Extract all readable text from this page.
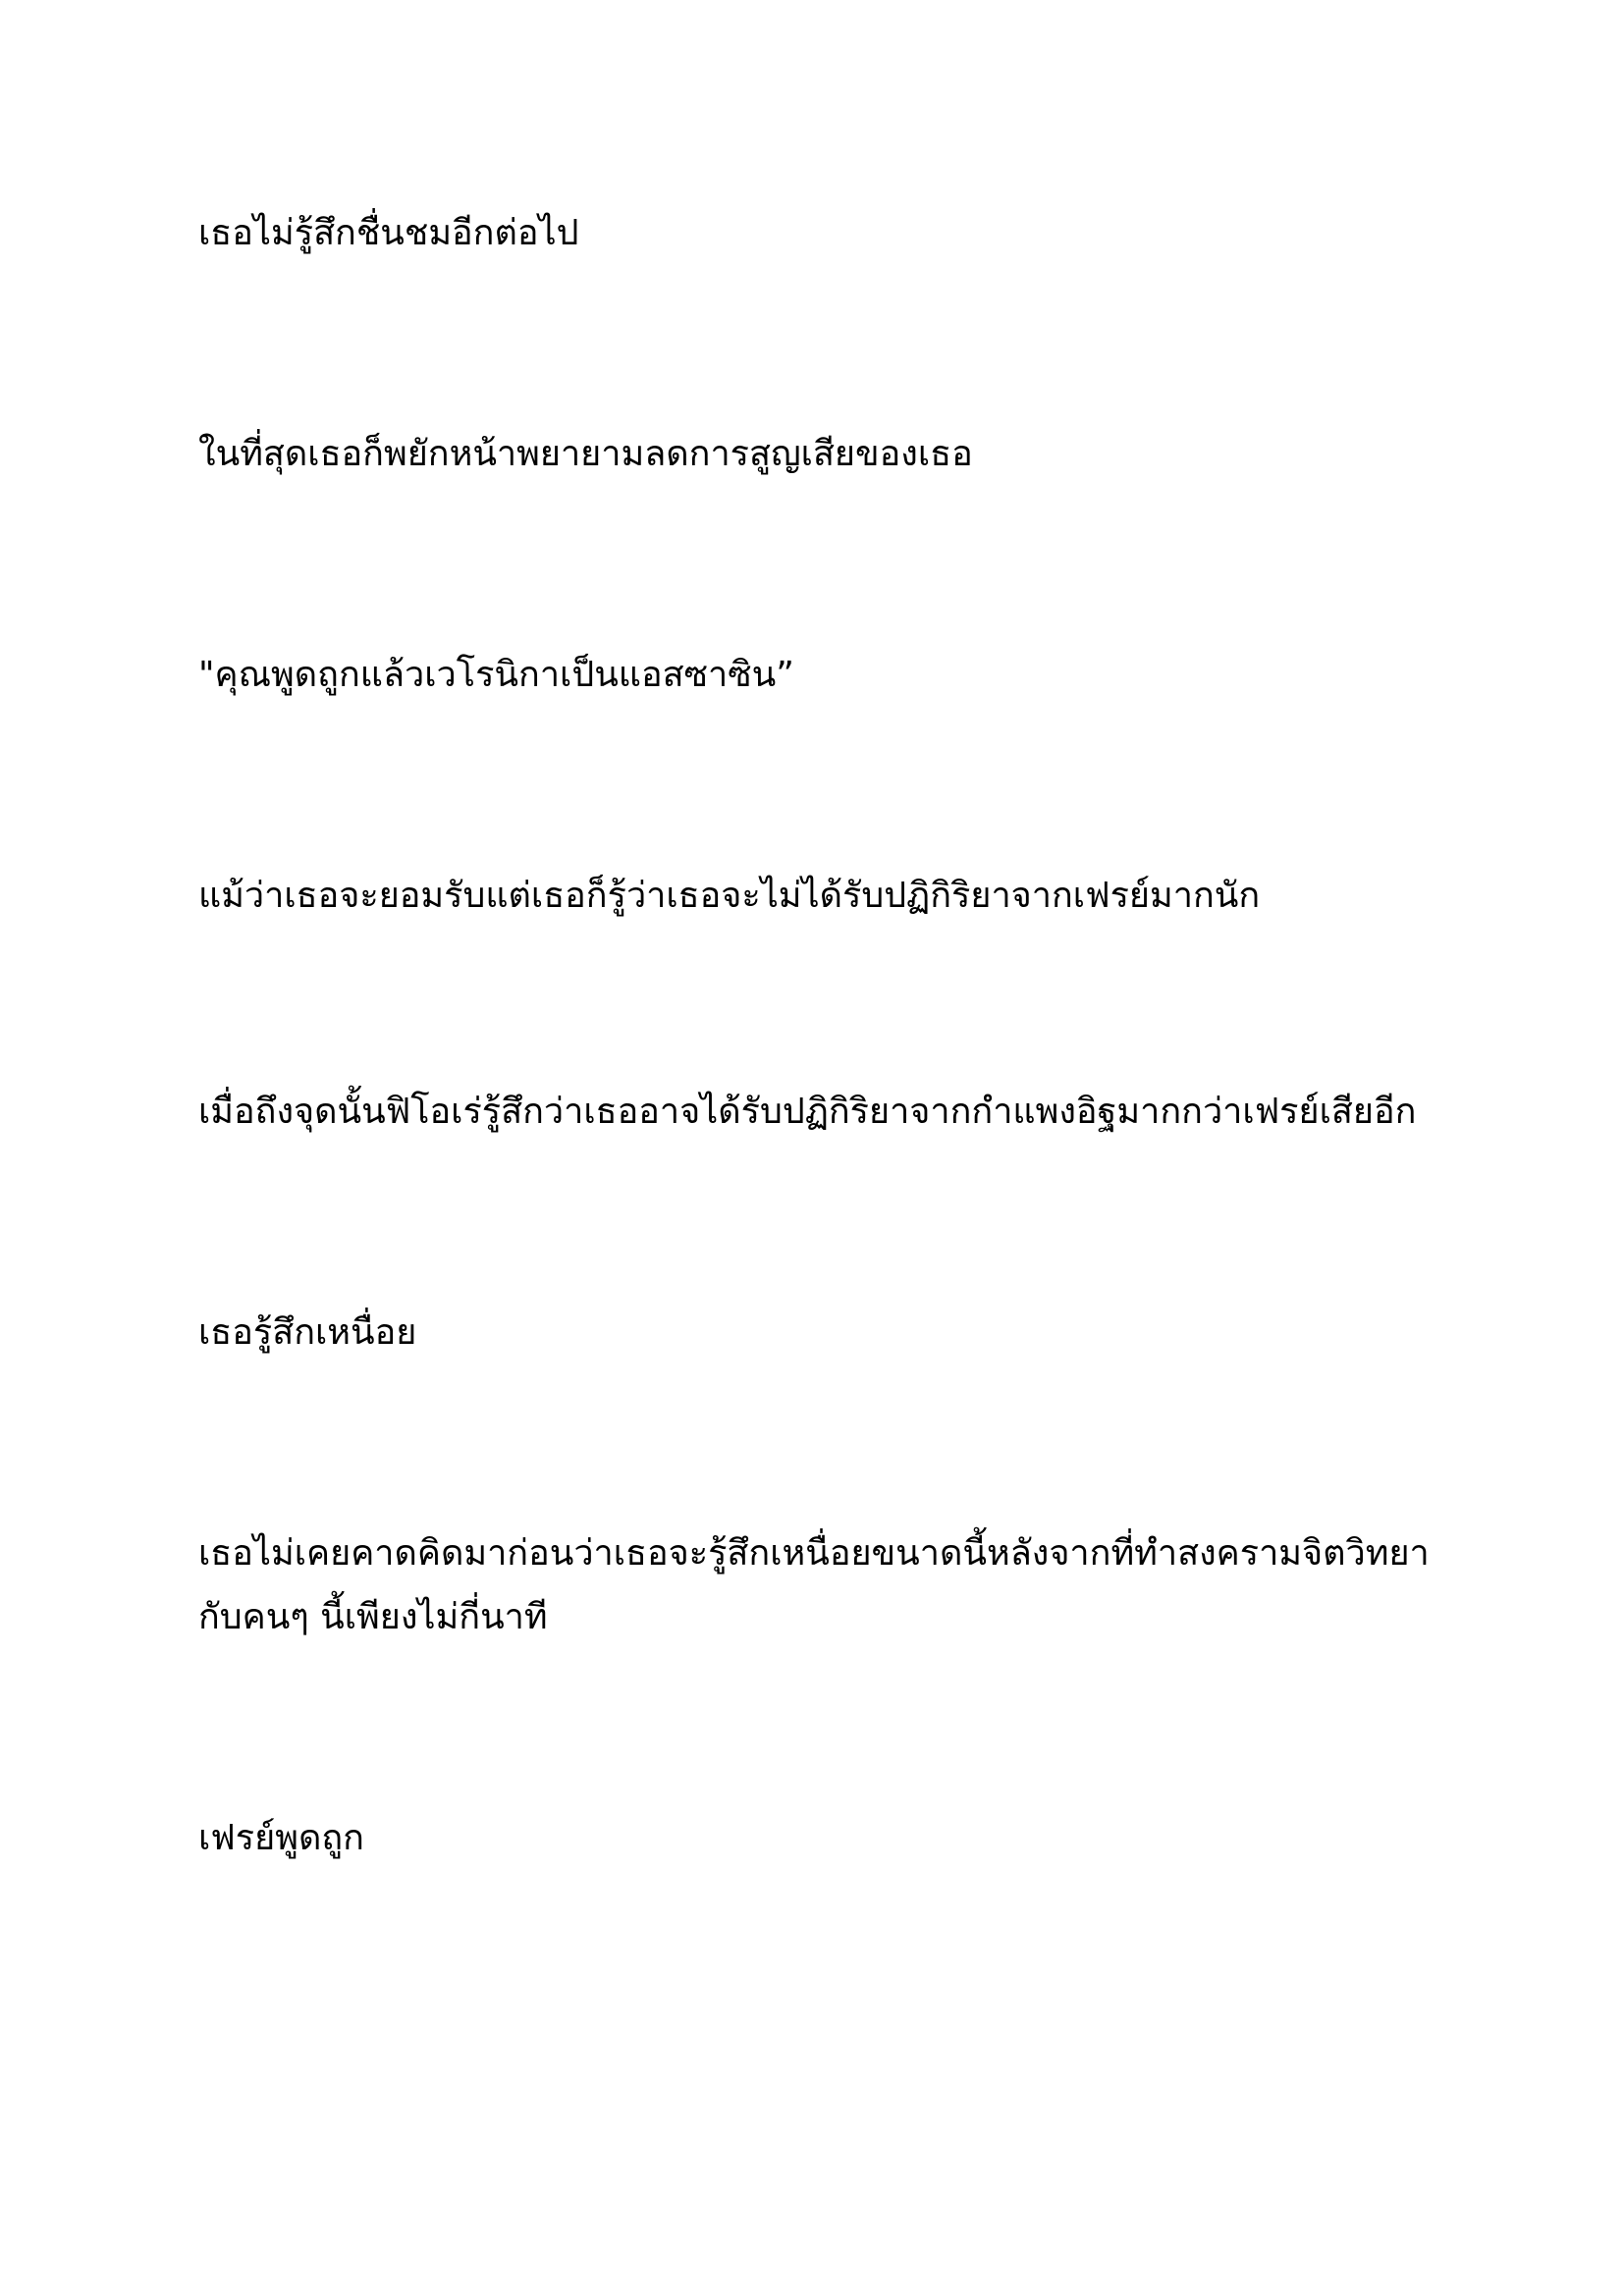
เธอไม่รู้สึกชื่นชมอีกต่อไป

ในที่สุดเธอก็พยักหน้าพยายามลดการสูญเสียของเธอ

"คุณพูดถูกแล้วเวโรนิกาเป็นแอสซาซิน”

แม้ว่าเธอจะยอมรับแต่เธอก็รู้ว่าเธอจะไม่ได้รับปฏิกิริยาจากเฟรย์มากนัก

เมื่อถึงจุดนั้นฟิโอเร่รู้สึกว่าเธออาจได้รับปฏิกิริยาจากกำแพงอิฐมากกว่าเฟรย์เสียอีก

เธอรู้สึกเหนื่อย

เธอไม่เคยคาดคิดมาก่อนว่าเธอจะรู้สึกเหนื่อยขนาดนี้หลังจากที่ทำสงครามจิตวิทยา

กับคนๆ นี้เพียงไม่กี่นาที

เฟรย์พูดถูก
